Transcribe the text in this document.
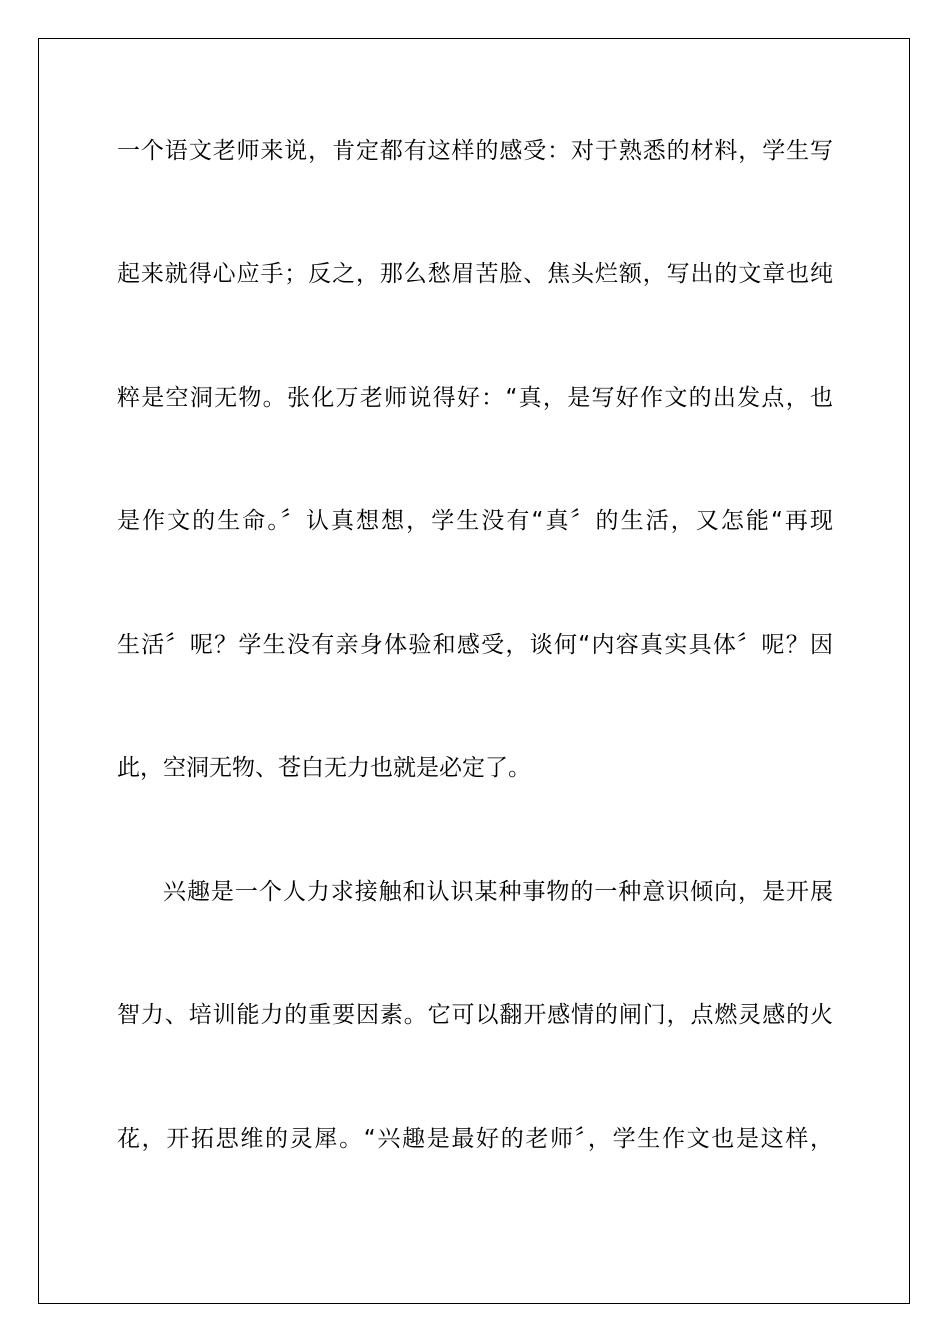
一个语文老师来说，肯定都有这样的感受：对于熟悉的材料，学生写
起来就得心应手；反之，那么愁眉苦脸、焦头烂额，写出的文章也纯
粹是空洞无物。张化万老师说得好：“真，是写好作文的出发点，也
是作文的生命。〞认真想想，学生没有“真〞的生活，又怎能“再现
生活〞呢？学生没有亲身体验和感受，谈何“内容真实具体〞呢？因
此，空洞无物、苍白无力也就是必定了。
兴趣是一个人力求接触和认识某种事物的一种意识倾向，是开展
智力、培训能力的重要因素。它可以翻开感情的闸门，点燃灵感的火
花，开拓思维的灵犀。“兴趣是最好的老师〞，学生作文也是这样，
